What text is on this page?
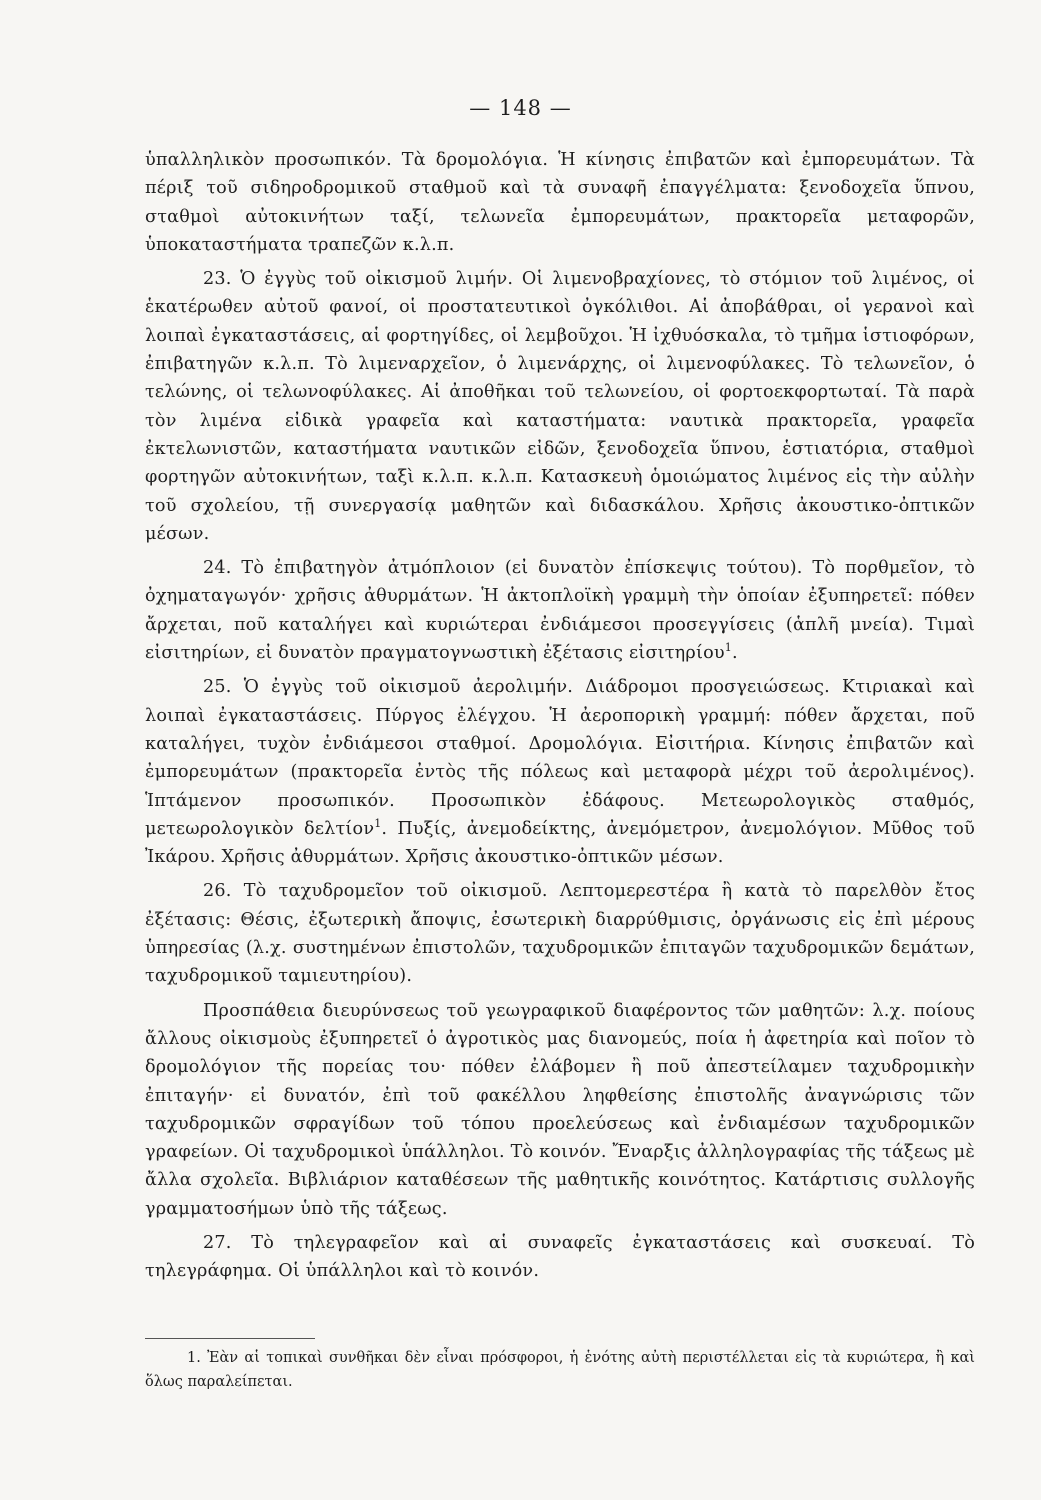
— 148 —

ὑπαλληλικὸν προσωπικόν. Τὰ δρομολόγια. Ἡ κίνησις ἐπιβατῶν καὶ ἐμπορευμάτων. Τὰ πέριξ τοῦ σιδηροδρομικοῦ σταθμοῦ καὶ τὰ συναφῆ ἐπαγγέλματα: ξενοδοχεῖα ὕπνου, σταθμοὶ αὐτοκινήτων ταξί, τελωνεῖα ἐμπορευμάτων, πρακτορεῖα μεταφορῶν, ὑποκαταστήματα τραπεζῶν κ.λ.π.

23. Ὁ ἐγγὺς τοῦ οἰκισμοῦ λιμήν. Οἱ λιμενοβραχίονες, τὸ στόμιον τοῦ λιμένος, οἱ ἑκατέρωθεν αὐτοῦ φανοί, οἱ προστατευτικοὶ ὀγκόλιθοι. Αἱ ἀποβάθραι, οἱ γερανοὶ καὶ λοιπαὶ ἐγκαταστάσεις, αἱ φορτηγίδες, οἱ λεμβοῦχοι. Ἡ ἰχθυόσκαλα, τὸ τμῆμα ἱστιοφόρων, ἐπιβατηγῶν κ.λ.π. Τὸ λιμεναρχεῖον, ὁ λιμενάρχης, οἱ λιμενοφύλακες. Τὸ τελωνεῖον, ὁ τελώνης, οἱ τελωνοφύλακες. Αἱ ἀποθῆκαι τοῦ τελωνείου, οἱ φορτοεκφορτωταί. Τὰ παρὰ τὸν λιμένα εἰδικὰ γραφεῖα καὶ καταστήματα: ναυτικὰ πρακτορεῖα, γραφεῖα ἐκτελωνιστῶν, καταστήματα ναυτικῶν εἰδῶν, ξενοδοχεῖα ὕπνου, ἑστιατόρια, σταθμοὶ φορτηγῶν αὐτοκινήτων, ταξὶ κ.λ.π. κ.λ.π. Κατασκευὴ ὁμοιώματος λιμένος εἰς τὴν αὐλὴν τοῦ σχολείου, τῇ συνεργασίᾳ μαθητῶν καὶ διδασκάλου. Χρῆσις ἀκουστικο-ὀπτικῶν μέσων.

24. Τὸ ἐπιβατηγὸν ἀτμόπλοιον (εἰ δυνατὸν ἐπίσκεψις τούτου). Τὸ πορθμεῖον, τὸ ὀχηματαγωγόν· χρῆσις ἀθυρμάτων. Ἡ ἀκτοπλοϊκὴ γραμμὴ τὴν ὁποίαν ἐξυπηρετεῖ: πόθεν ἄρχεται, ποῦ καταλήγει καὶ κυριώτεραι ἐνδιάμεσοι προσεγγίσεις (ἁπλῆ μνεία). Τιμαὶ εἰσιτηρίων, εἰ δυνατὸν πραγματογνωστικὴ ἐξέτασις εἰσιτηρίου$^1$.

25. Ὁ ἐγγὺς τοῦ οἰκισμοῦ ἀερολιμήν. Διάδρομοι προσγειώσεως. Κτιριακαὶ καὶ λοιπαὶ ἐγκαταστάσεις. Πύργος ἐλέγχου. Ἡ ἀεροπορικὴ γραμμή: πόθεν ἄρχεται, ποῦ καταλήγει, τυχὸν ἐνδιάμεσοι σταθμοί. Δρομολόγια. Εἰσιτήρια. Κίνησις ἐπιβατῶν καὶ ἐμπορευμάτων (πρακτορεῖα ἐντὸς τῆς πόλεως καὶ μεταφορὰ μέχρι τοῦ ἀερολιμένος). Ἱπτάμενον προσωπικόν. Προσωπικὸν ἐδάφους. Μετεωρολογικὸς σταθμός, μετεωρολογικὸν δελτίον$^1$. Πυξίς, ἀνεμοδείκτης, ἀνεμόμετρον, ἀνεμολόγιον. Μῦθος τοῦ Ἰκάρου. Χρῆσις ἀθυρμάτων. Χρῆσις ἀκουστικο-ὀπτικῶν μέσων.

26. Τὸ ταχυδρομεῖον τοῦ οἰκισμοῦ. Λεπτομερεστέρα ἢ κατὰ τὸ παρελθὸν ἔτος ἐξέτασις: Θέσις, ἐξωτερικὴ ἄποψις, ἐσωτερικὴ διαρρύθμισις, ὀργάνωσις εἰς ἐπὶ μέρους ὑπηρεσίας (λ.χ. συστημένων ἐπιστολῶν, ταχυδρομικῶν ἐπιταγῶν ταχυδρομικῶν δεμάτων, ταχυδρομικοῦ ταμιευτηρίου).

Προσπάθεια διευρύνσεως τοῦ γεωγραφικοῦ διαφέροντος τῶν μαθητῶν: λ.χ. ποίους ἄλλους οἰκισμοὺς ἐξυπηρετεῖ ὁ ἀγροτικὸς μας διανομεύς, ποία ἡ ἀφετηρία καὶ ποῖον τὸ δρομολόγιον τῆς πορείας του· πόθεν ἐλάβομεν ἢ ποῦ ἀπεστείλαμεν ταχυδρομικὴν ἐπιταγήν· εἰ δυνατόν, ἐπὶ τοῦ φακέλλου ληφθείσης ἐπιστολῆς ἀναγνώρισις τῶν ταχυδρομικῶν σφραγίδων τοῦ τόπου προελεύσεως καὶ ἐνδιαμέσων ταχυδρομικῶν γραφείων. Οἱ ταχυδρομικοὶ ὑπάλληλοι. Τὸ κοινόν. Ἔναρξις ἀλληλογραφίας τῆς τάξεως μὲ ἄλλα σχολεῖα. Βιβλιάριον καταθέσεων τῆς μαθητικῆς κοινότητος. Κατάρτισις συλλογῆς γραμματοσήμων ὑπὸ τῆς τάξεως.

27. Τὸ τηλεγραφεῖον καὶ αἱ συναφεῖς ἐγκαταστάσεις καὶ συσκευαί. Τὸ τηλεγράφημα. Οἱ ὑπάλληλοι καὶ τὸ κοινόν.

1. Ἐὰν αἱ τοπικαὶ συνθῆκαι δὲν εἶναι πρόσφοροι, ἡ ἑνότης αὐτὴ περιστέλλεται εἰς τὰ κυριώτερα, ἢ καὶ ὅλως παραλείπεται.
